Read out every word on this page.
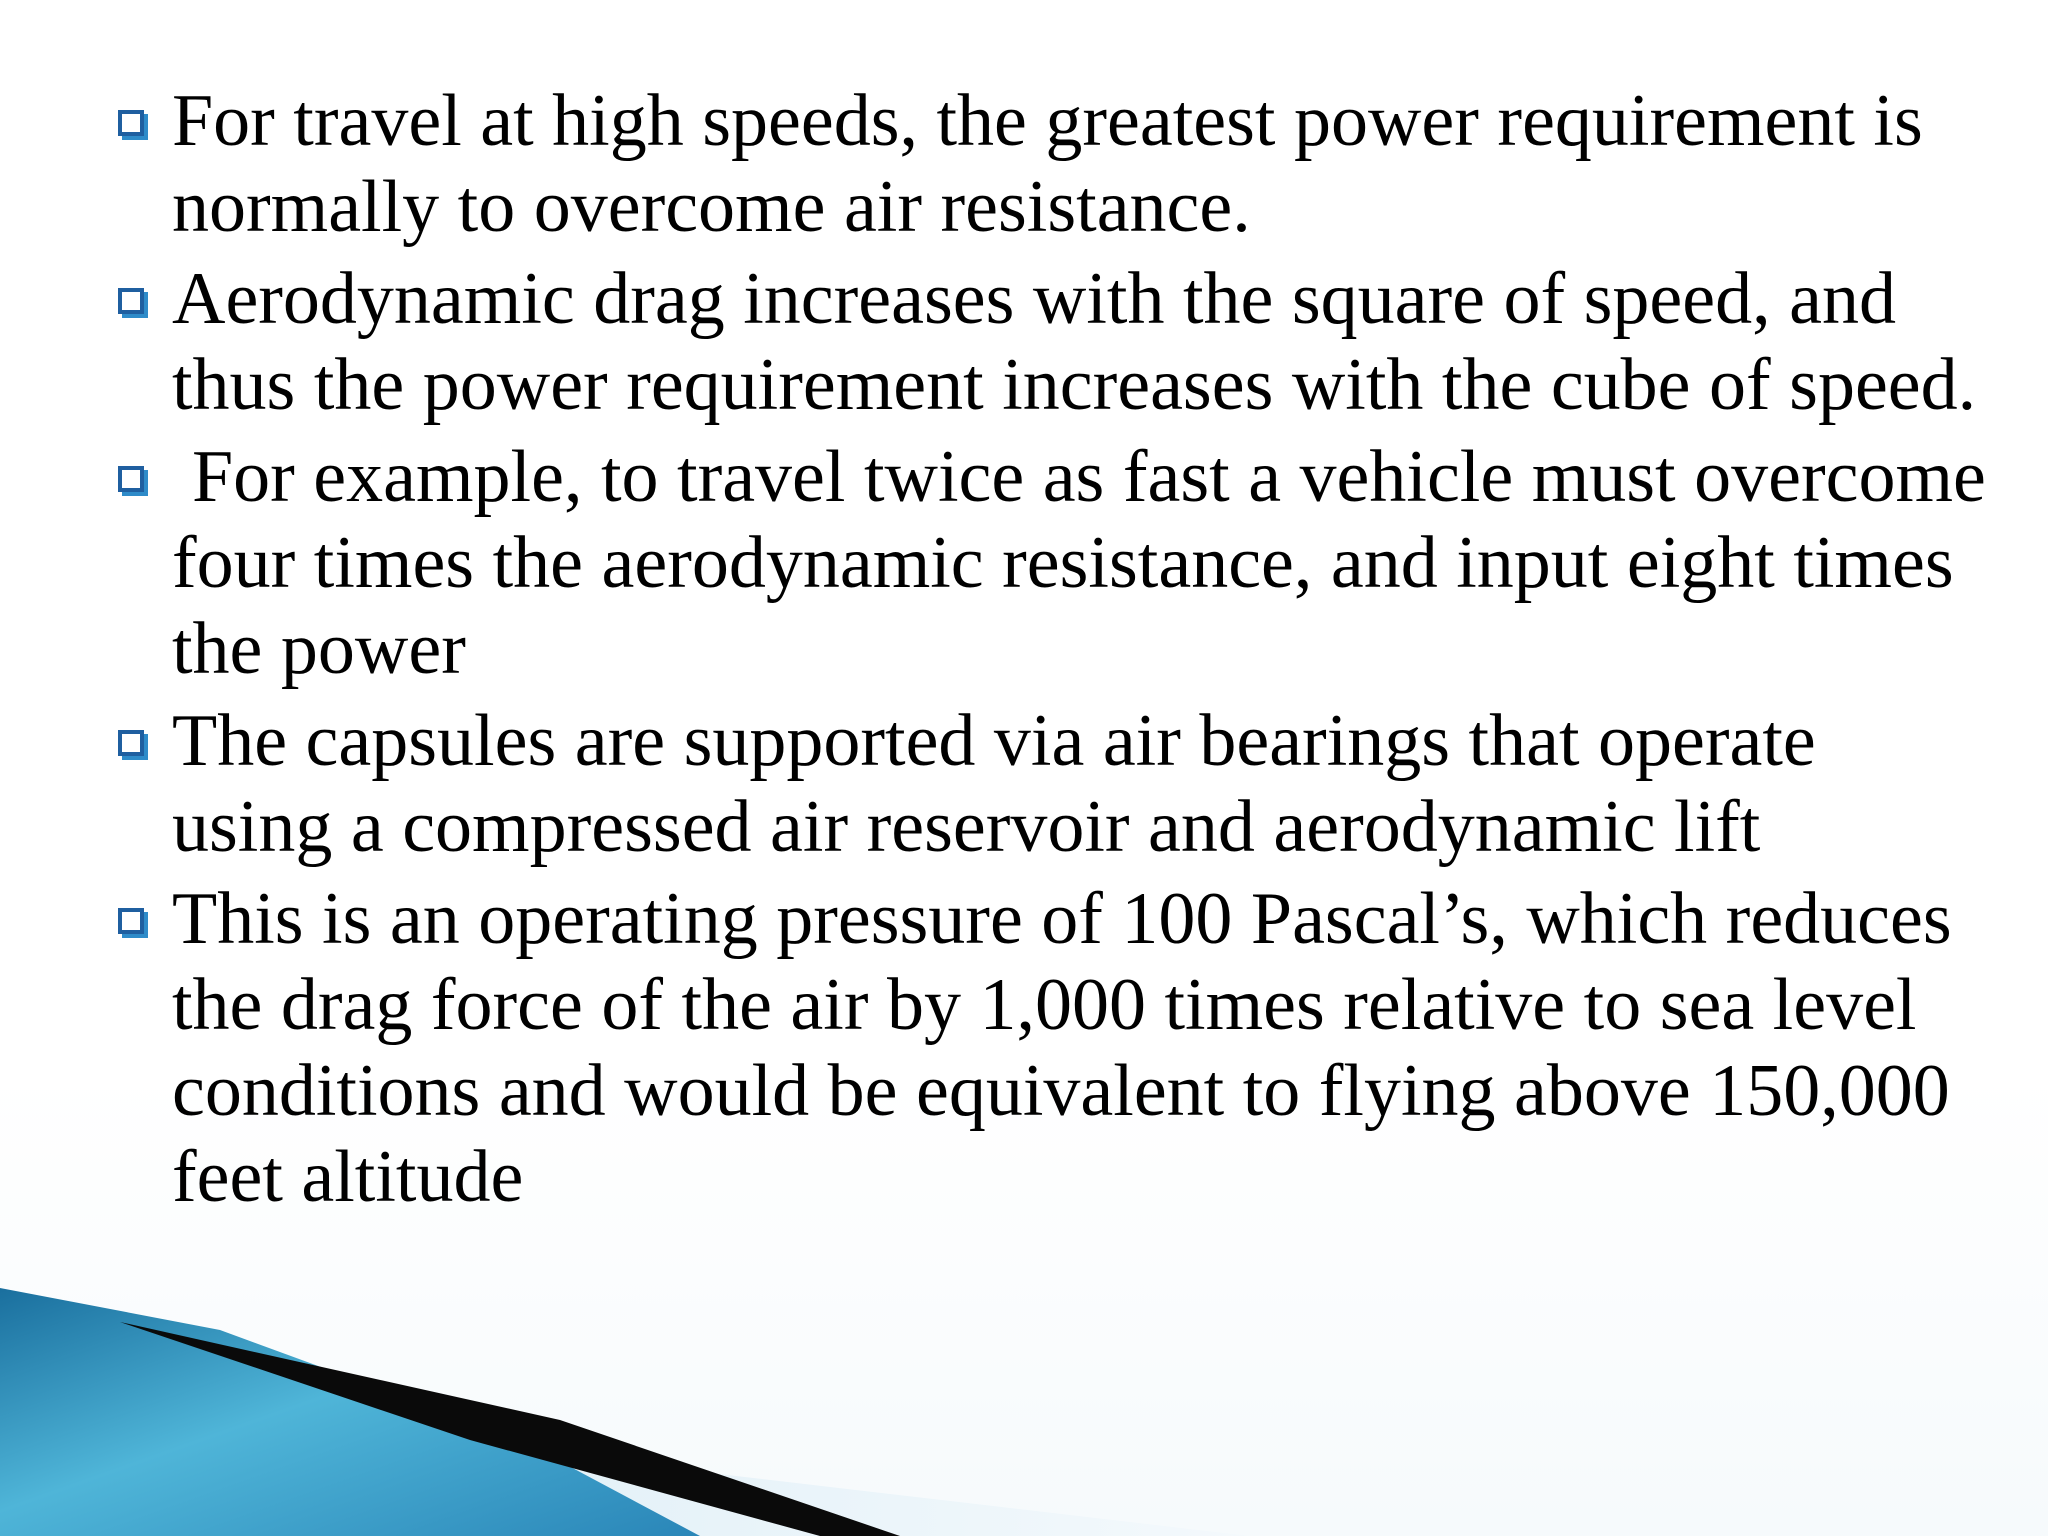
For travel at high speeds, the greatest power requirement is normally to overcome air resistance.
Aerodynamic drag increases with the square of speed, and thus the power requirement increases with the cube of speed.
For example, to travel twice as fast a vehicle must overcome four times the aerodynamic resistance, and input eight times the power
The capsules are supported via air bearings that operate using a compressed air reservoir and aerodynamic lift
This is an operating pressure of 100 Pascal’s, which reduces the drag force of the air by 1,000 times relative to sea level conditions and would be equivalent to flying above 150,000 feet altitude
